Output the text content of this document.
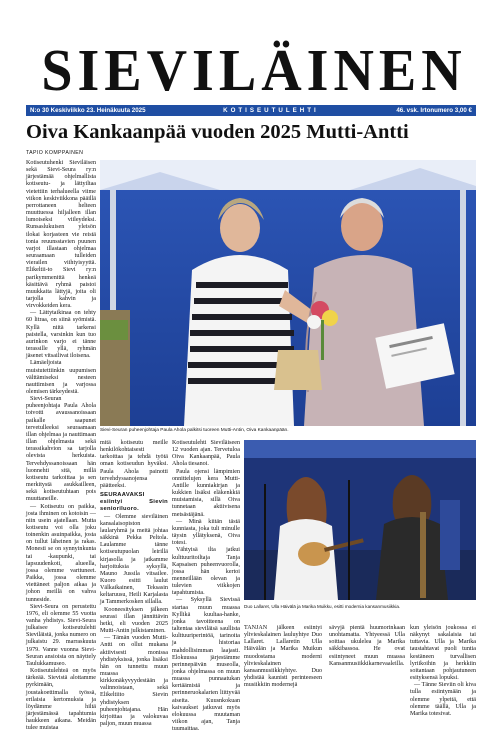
SIEVILÄINEN
N:o 30 Keskiviikko 23. Heinäkuuta 2025	KOTISEUTULEHTI	46. vsk. Irtonumero 3,00 €
Oiva Kankaanpää vuoden 2025 Mutti-Antti
TAPIO KOMPPAINEN

Kotiseutuhenki Sieviläisen sekä Sievi-Seura ry:n järjestämää ohjelmallista kotiseutu- ja lättyiltaa vietettiin terhalueella viime viikon keskiviikkona pääillä perrottaneen helteen muuttuessa hiljalleen illan lumoiseksi viileydeksi. Runsaslukuisen yleisön ilokai korjasteen vie reistä tonia reuunsstavien puunen varjot illastaan ohjelmaa seuraamaan tulleiden vierailen viihtyisyyttä. Elikeltii-to Sievi ry:n parikymmenittä henkeä käsittävä ryhmä paistoi muukkaita lättyjä, joita oli tarjolla kahvin ja virvokkeiden kera.

— Lättytaikinaa on tehty 60 litraa, on siinä syömistä. Kyllä niitä tarkensi paistella, varsinkin kun tuo aurinkon varjo ei tänne terassille yllä, ryhmän jäsenet vitsailivat iloisena.

Lämäeljoista muistutettiinkin uupumisen välttämiseksi nesteen nauttimisen ja varjossa olemisen tärkeydestä.

Sievi-Seuran puheenjohtaja Paula Ahola toivotti avaussanoissaan paikalle saapunet tervetulleeksi seuraamaan illan ohjelmaa ja nauttimaan illan ohjelmasta sekä terassikahvion sa tarjolla olevista herkuista. Tervehdyssanoissaan hän luonnehti sitä, millä kotiseutu tarkoittaa ja sen merkitystä asukkailleen, sekä kotiseutuhtaan pois muuttaneille.

— Kotiseutu on paikka, josta ihminen on kotoisin — niin usein ajatellaan. Mutta kotiseutu voi olla joku toinenkin asuinpaikka, josta on tullut läheinen ja rakas. Monesti se on synnyinkunta tai -kaupunki, tai lapsuudenkoti, alueella, jossa olemme varttuneet. Paikka, jossa olemme viettäneet paljon aikaa ja johon meillä on vahva tunneside.

Sievi-Seura on perustettu 1976, eli olemme 55 vuotta vanha yhdistys. Sievi-Seura julkaisee kotiseutulehti Sieviläistä, jonka numero on julkaistu 29. marraskuuta 1979. Vanne vuonna Sievi-Seuran ansioista on näyttely Taulukkamuseo.

Kotiseutulehteä on myös tärkeää. Sievistä alottamme pyrkimään, joustakoettimalla työssä, erilaisia kertomuksia ja löydämme hiltä järjestämässä tapahtumia haukkeen aikana. Meidän tulee muistaa

Sievi-Seuran puheenjohtaja Paula Ahola palkitsi tuoreen Mutti-Antin, Oiva Kankaanpään.

mitä kotiseutu meille henkilökohtaisesti tarkoittaa ja tehdä työtä oman kotiseudun hyväksi. Paula Ahola painotti tervehdyssanojensa päätteeksi.

SEURAAVAKSI esiintyi Sievin senioriluoro.

— Olemme sieviläinen kansalaisopiston laularyhmä ja meitä johtaa säkkinä Pekka Peltola. Laulamme tänne kotiseutupuolan leirillä kirjasolla ja jatkamme harjoituksia syksyllä, Mauno Jussila vitsailee. Kuoro esitti laulut Välkaikainen, Teksasin keltaruusu, Heili Karjalasta ja Tammerkosken sillalla.

Kooneesityksen jälkeen seurasi illan jännittävin hetki, eli vuoden 2025 Mutti-Antin julkistaminen.

— Tämän vuoden Mutti-Antti on ollut mukana aktiivisesti monissa yhdistyksissä, jonka lisäksi hän on tunnettu muun muassa kirkkonäkyvyydestään ja valinnoistaan, sekä Elikeltiito Sievin yhdistyksen puheenjohtajana. Hän kirjoittaa ja valokuvaa paljon, muun muassa

Kotiseutulehti Sieviläiseen 12 vuoden ajan. Tervetuloa Oiva Kankaanpää, Paula Ahola tiesanoi.

Paula ojensi lämpimien onnittelujen kera Mutti-Antille kunniakirjan ja kukkien lisäksi eläkenkkiä muistamisia, sillä Oiva tunnetaan aktiivisena metsästäjänä.

— Minä kiitän tästä kunniasta, joka tuli minulle täysin yllätyksenä, Oiva totesi.

Vähtyisä ilta jatkui kulttuuritoiltaja Tanja Kapsaisen puheenvuorolla, jossa hän kertoi menneillään olevan ja tulevien viikkojen tapahtumista.

— Syksyllä Sievissä startaa muun muassa Kyllikä kuultaa-hanke, jonka tavoitteena on taltentaa sieviläisä saullista kulttuuriperintöä, tarinoita ja historiaa mahdollisimman laajasti. Elokuussa järjestämme perinnepäivän museolla, jonka ohjelmassa on muun muassa punnaatukan kertäämistä ja perinneruokalarien liittyvää aiseita. Kuusnkokuan kaivaukset jatkuvat myös elokuussa muutaman viikon ajan, Tanja tuumaittaa.

Duo Lallaret, Ulla Häivälä ja Marika Muikku, esitti modernia kansanmusiikkia.

TANJAN jälkeen esiintyi ylivieskalainen lauluyhtye Duo Lallaret. Lallaretin Ulla Häivälän ja Marika Muikun muodostama moderni ylivieskalainen kansanmusiikkiyhtye. Duo yhdistää kaunisti perinteeseen musiikkiin modernejä

sävyjä pientä huumorinkaan unohtamatta. Yhtyeessä Ulla soittaa ukulelea ja Marika säkkibassoa. He ovat esiintyneet muun muassa Kansanmusiikkikarnevaaleilla.

kun yleisön joukossa ei näkynyt sakalaisia tai tuttavia. Ulla ja Marika taustahtavat puoli tuntia kestäneen turvallisen lyriikoihin ja herkkiin soitantaan pohjautuneen esityksensä lopuksi.

— Tänne Sieviin oli kiva tulla esiintymään ja olemme ylpeitä, että olemme täällä, Ulla ja Marika totesivat.
